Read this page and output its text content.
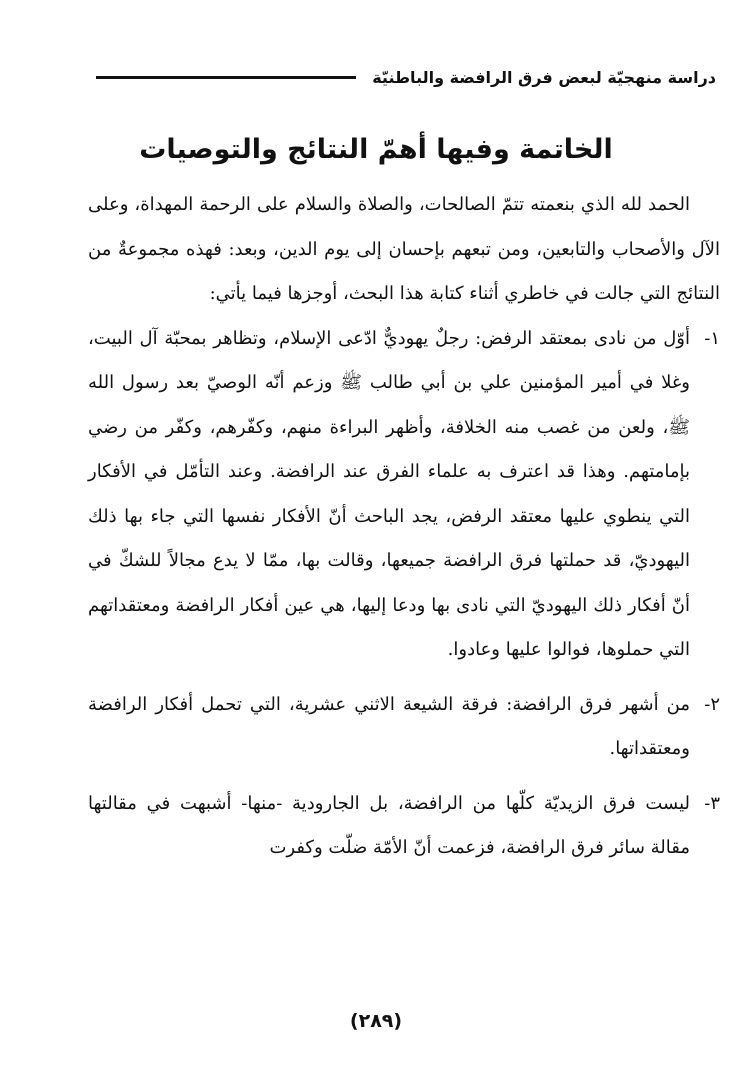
دراسة منهجيّة لبعض فرق الرافضة والباطنيّة
الخاتمة وفيها أهمّ النتائج والتوصيات

الحمد لله الذي بنعمته تتمّ الصالحات، والصلاة والسلام على الرحمة المهداة، وعلى الآل والأصحاب والتابعين، ومن تبعهم بإحسان إلى يوم الدين، وبعد: فهذه مجموعةٌ من النتائج التي جالت في خاطري أثناء كتابة هذا البحث، أوجزها فيما يأتي:

١-
أوّل من نادى بمعتقد الرفض: رجلٌ يهوديٌّ ادّعى الإسلام، وتظاهر بمحبّة آل البيت، وغلا في أمير المؤمنين علي بن أبي طالب ﷺ وزعم أنّه الوصيّ بعد رسول الله ﷺ، ولعن من غصب منه الخلافة، وأظهر البراءة منهم، وكفّرهم، وكفّر من رضي بإمامتهم. وهذا قد اعترف به علماء الفرق عند الرافضة. وعند التأمّل في الأفكار التي ينطوي عليها معتقد الرفض، يجد الباحث أنّ الأفكار نفسها التي جاء بها ذلك اليهوديّ، قد حملتها فرق الرافضة جميعها، وقالت بها، ممّا لا يدع مجالاً للشكّ في أنّ أفكار ذلك اليهوديّ التي نادى بها ودعا إليها، هي عين أفكار الرافضة ومعتقداتهم التي حملوها، فوالوا عليها وعادوا.

٢-
من أشهر فرق الرافضة: فرقة الشيعة الاثني عشرية، التي تحمل أفكار الرافضة ومعتقداتها.

٣-
ليست فرق الزيديّة كلّها من الرافضة، بل الجارودية -منها- أشبهت في مقالتها مقالة سائر فرق الرافضة، فزعمت أنّ الأمّة ضلّت وكفرت

(٢٨٩)
